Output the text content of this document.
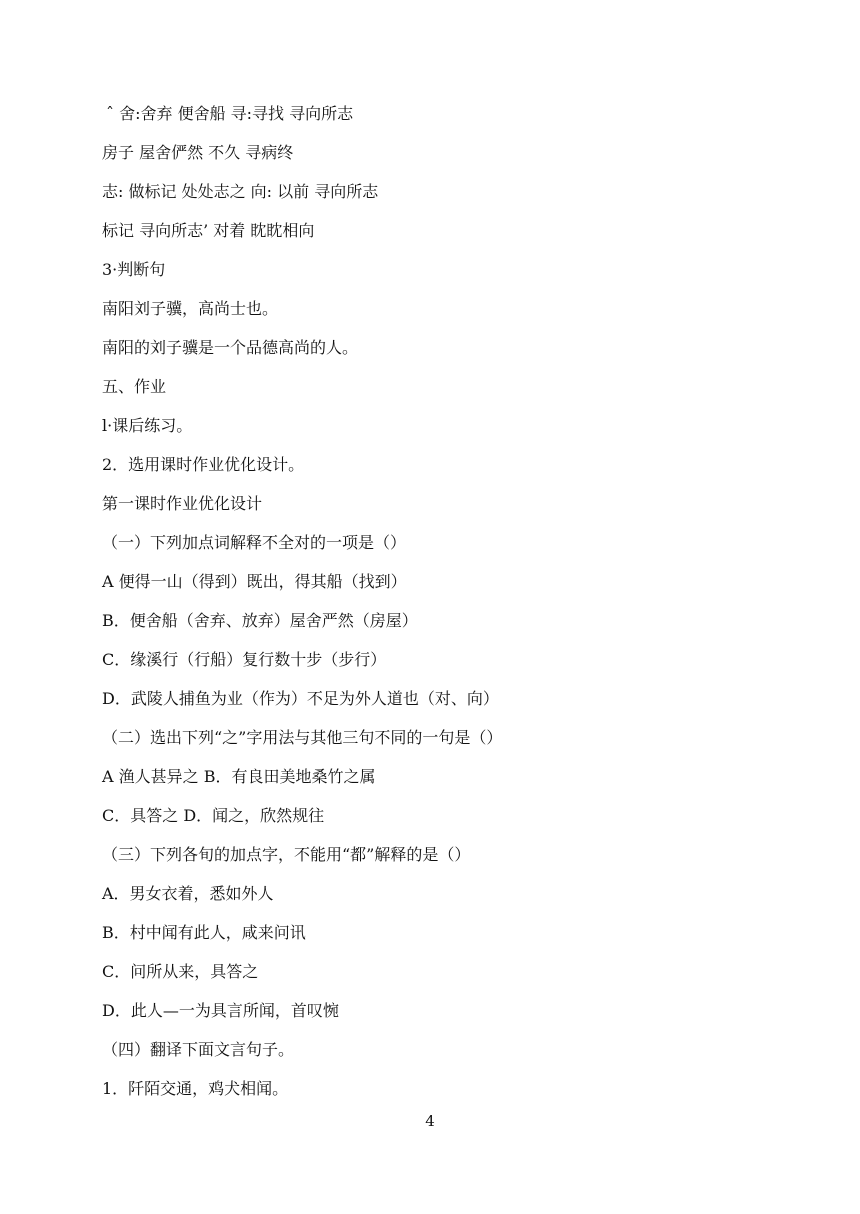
ˆ 舍:舍弃 便舍船 寻:寻找 寻向所志
房子 屋舍俨然 不久 寻病终
志: 做标记 处处志之 向: 以前 寻向所志
标记 寻向所志’ 对着 眈眈相向
3·判断句
南阳刘子骥，高尚士也。
南阳的刘子骥是一个品德高尚的人。
五、作业
l·课后练习。
2．选用课时作业优化设计。
第一课时作业优化设计
（一）下列加点词解释不全对的一项是（）
A 便得一山（得到）既出，得其船（找到）
B．便舍船（舍弃、放弃）屋舍严然（房屋）
C．缘溪行（行船）复行数十步（步行）
D．武陵人捕鱼为业（作为）不足为外人道也（对、向）
（二）选出下列“之”字用法与其他三句不同的一句是（）
A 渔人甚异之 B．有良田美地桑竹之属
C．具答之 D．闻之，欣然规往
（三）下列各旬的加点字，不能用“都”解释的是（）
A．男女衣着，悉如外人
B．村中闻有此人，咸来问讯
C．问所从来，具答之
D．此人—一为具言所闻，首叹惋
（四）翻译下面文言句子。
1．阡陌交通，鸡犬相闻。
4
